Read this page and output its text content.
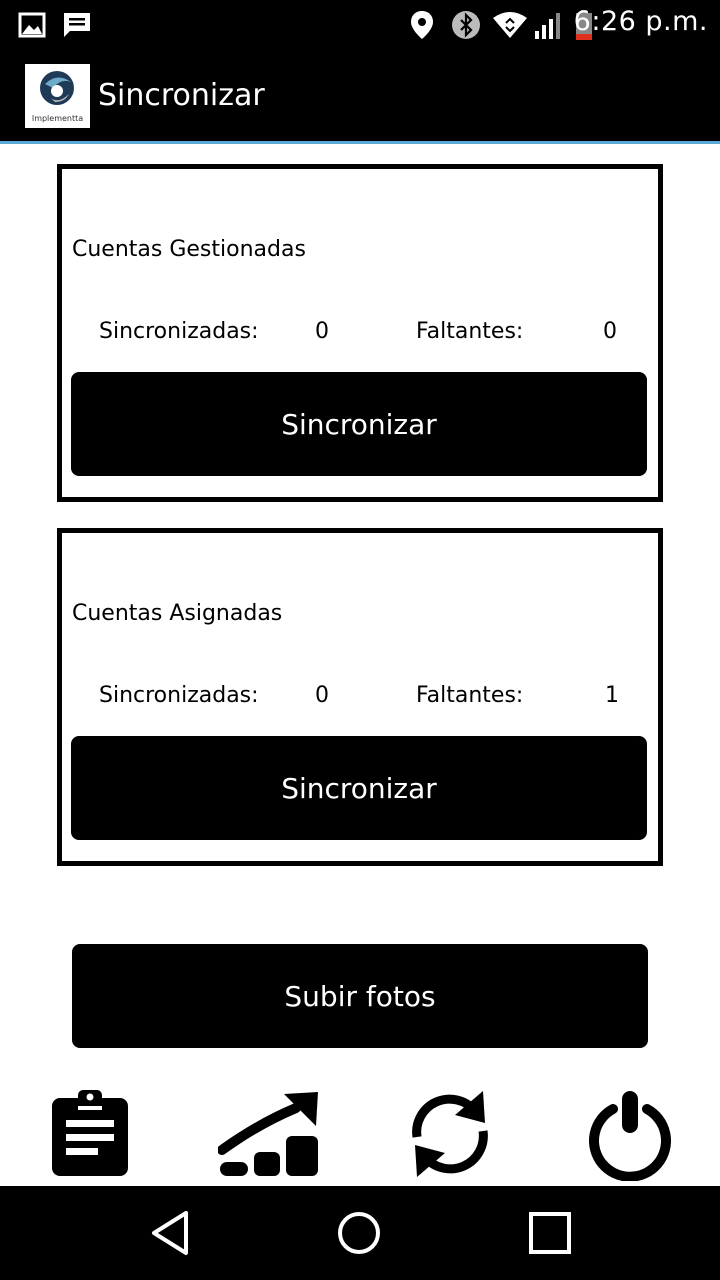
6:26 p.m.
Implementta
Sincronizar
Cuentas Gestionadas
Sincronizadas:	0	Faltantes:	0
Sincronizar
Cuentas Asignadas
Sincronizadas:	0	Faltantes:	1
Sincronizar
Subir fotos
